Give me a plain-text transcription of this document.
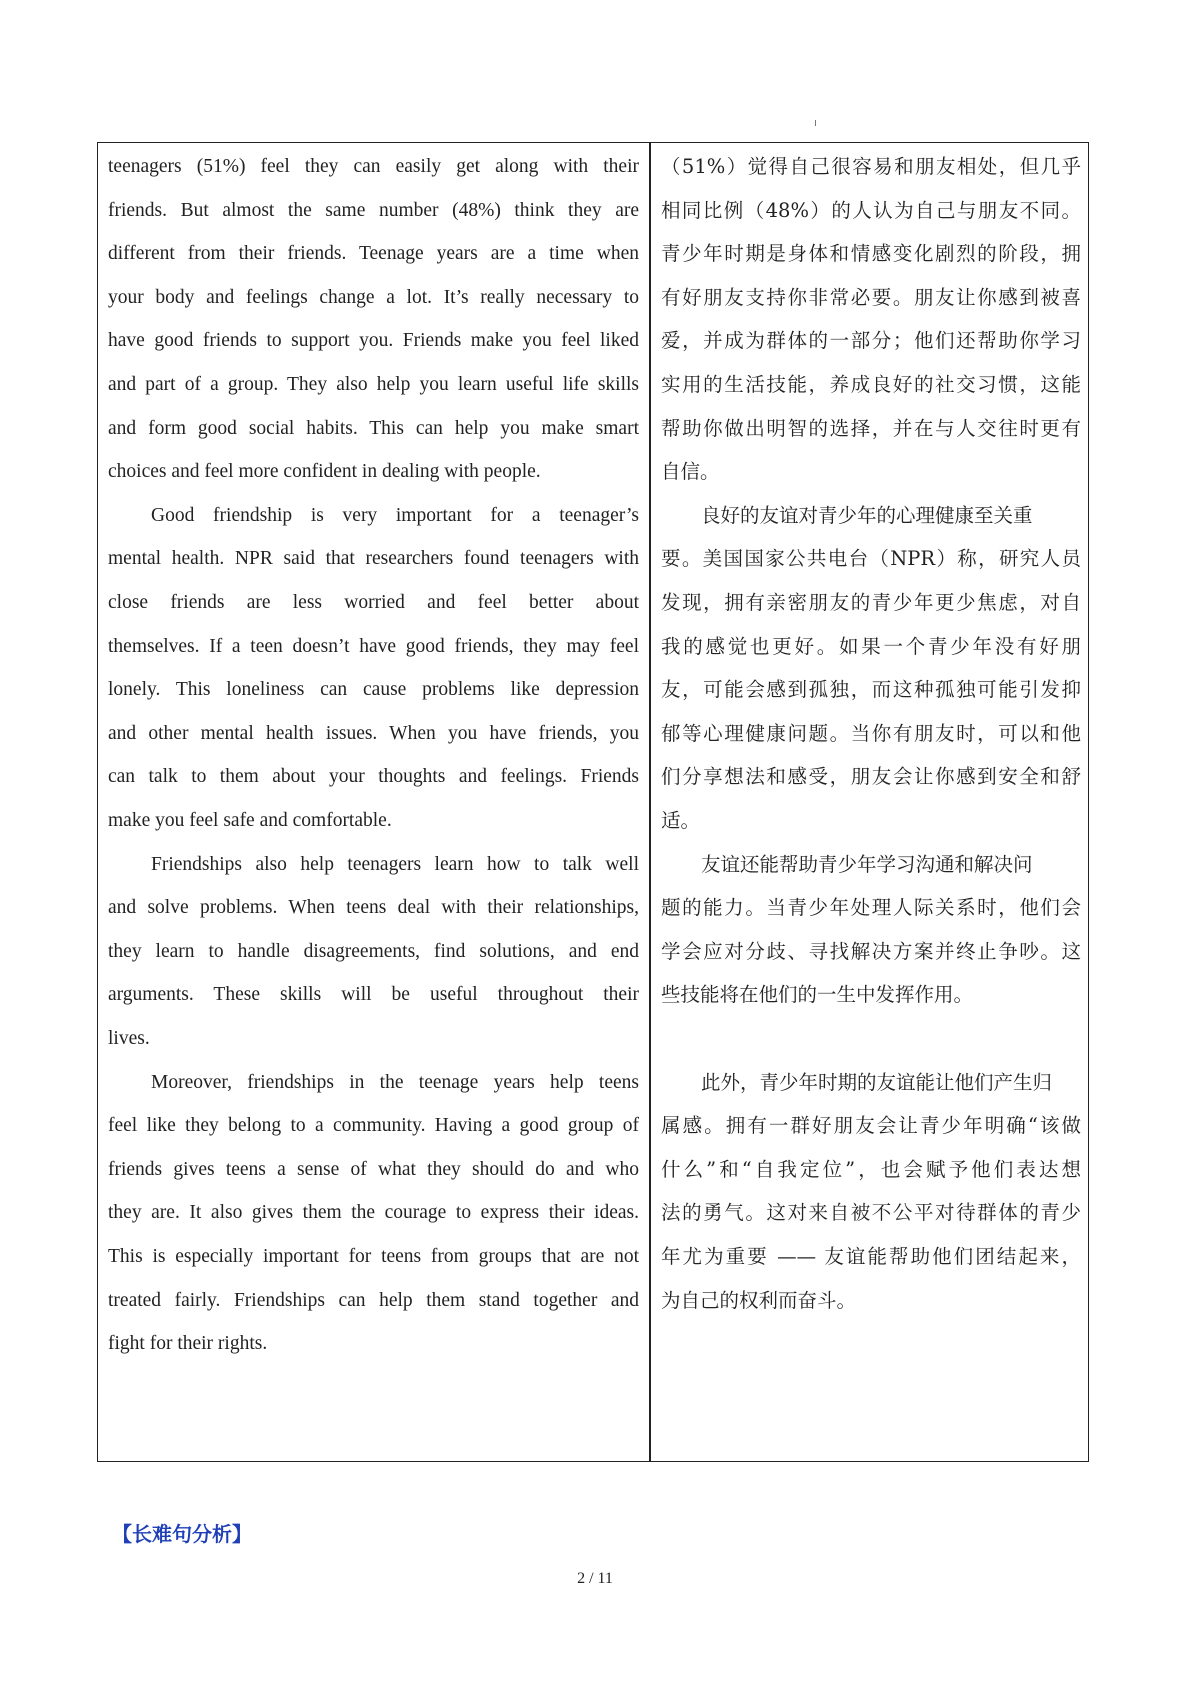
teenagers (51%) feel they can easily get along with their
friends. But almost the same number (48%) think they are
different from their friends. Teenage years are a time when
your body and feelings change a lot. It’s really necessary to
have good friends to support you. Friends make you feel liked
and part of a group. They also help you learn useful life skills
and form good social habits. This can help you make smart
choices and feel more confident in dealing with people.
Good friendship is very important for a teenager’s
mental health. NPR said that researchers found teenagers with
close friends are less worried and feel better about
themselves. If a teen doesn’t have good friends, they may feel
lonely. This loneliness can cause problems like depression
and other mental health issues. When you have friends, you
can talk to them about your thoughts and feelings. Friends
make you feel safe and comfortable.
Friendships also help teenagers learn how to talk well
and solve problems. When teens deal with their relationships,
they learn to handle disagreements, find solutions, and end
arguments. These skills will be useful throughout their
lives.
Moreover, friendships in the teenage years help teens
feel like they belong to a community. Having a good group of
friends gives teens a sense of what they should do and who
they are. It also gives them the courage to express their ideas.
This is especially important for teens from groups that are not
treated fairly. Friendships can help them stand together and
fight for their rights.
（51%）觉得自己很容易和朋友相处，但几乎
相同比例（48%）的人认为自己与朋友不同。
青少年时期是身体和情感变化剧烈的阶段，拥
有好朋友支持你非常必要。朋友让你感到被喜
爱，并成为群体的一部分；他们还帮助你学习
实用的生活技能，养成良好的社交习惯，这能
帮助你做出明智的选择，并在与人交往时更有
自信。
良好的友谊对青少年的心理健康至关重
要。美国国家公共电台（NPR）称，研究人员
发现，拥有亲密朋友的青少年更少焦虑，对自
我的感觉也更好。如果一个青少年没有好朋
友，可能会感到孤独，而这种孤独可能引发抑
郁等心理健康问题。当你有朋友时，可以和他
们分享想法和感受，朋友会让你感到安全和舒
适。
友谊还能帮助青少年学习沟通和解决问
题的能力。当青少年处理人际关系时，他们会
学会应对分歧、寻找解决方案并终止争吵。这
些技能将在他们的一生中发挥作用。
此外，青少年时期的友谊能让他们产生归
属感。拥有一群好朋友会让青少年明确“该做
什么”和“自我定位”，也会赋予他们表达想
法的勇气。这对来自被不公平对待群体的青少
年尤为重要 —— 友谊能帮助他们团结起来，
为自己的权利而奋斗。
【长难句分析】
2 / 11
